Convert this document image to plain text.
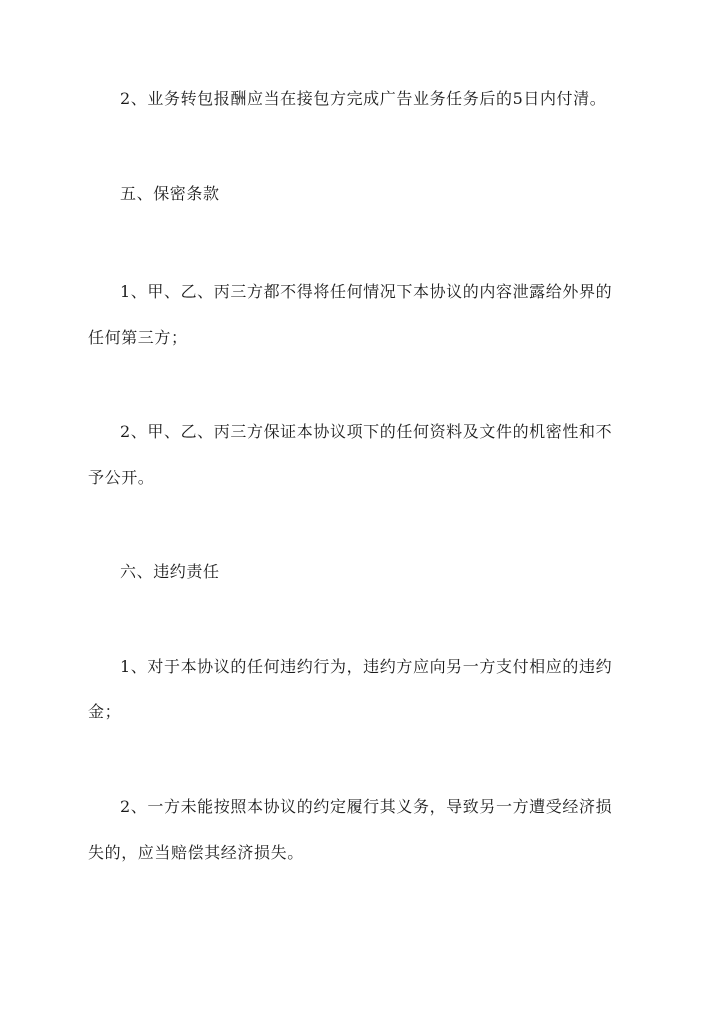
2、业务转包报酬应当在接包方完成广告业务任务后的5日内付清。
五、保密条款
1、甲、乙、丙三方都不得将任何情况下本协议的内容泄露给外界的
任何第三方；
2、甲、乙、丙三方保证本协议项下的任何资料及文件的机密性和不
予公开。
六、违约责任
1、对于本协议的任何违约行为，违约方应向另一方支付相应的违约
金；
2、一方未能按照本协议的约定履行其义务，导致另一方遭受经济损
失的，应当赔偿其经济损失。
